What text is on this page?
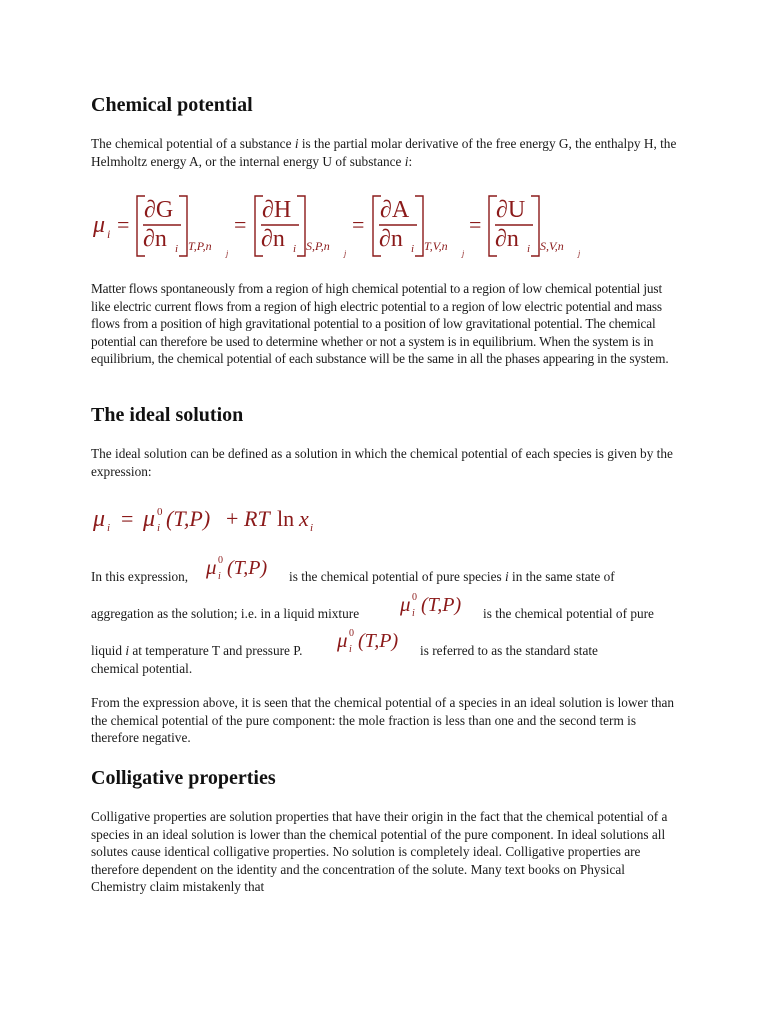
Chemical potential

The chemical potential of a substance i is the partial molar derivative of the free energy G, the enthalpy H, the Helmholtz energy A, or the internal energy U of substance i:

μ i =
∂G
∂n i T,P,n
j
=
∂H
∂n i S,P,n
j
=
∂A
∂n i T,V,n
j
=
∂U
∂n i S,V,n
j

Matter flows spontaneously from a region of high chemical potential to a region of low chemical potential just like electric current flows from a region of high electric potential to a region of low electric potential and mass flows from a position of high gravitational potential to a position of low gravitational potential. The chemical potential can therefore be used to determine whether or not a system is in equilibrium. When the system is in equilibrium, the chemical potential of each substance will be the same in all the phases appearing in the system.

The ideal solution

The ideal solution can be defined as a solution in which the chemical potential of each species is given by the expression:

μ i = μ 0
i (T,P) + RT ln x i
In this expression, μ 0
i (T,P) is the chemical potential of pure species i in the same state of
aggregation as the solution; i.e. in a liquid mixture μ 0
i (T,P) is the chemical potential of pure
liquid i at temperature T and pressure P. μ 0
i (T,P) is referred to as the standard state
chemical potential.

From the expression above, it is seen that the chemical potential of a species in an ideal solution is lower than the chemical potential of the pure component: the mole fraction is less than one and the second term is therefore negative.

Colligative properties

Colligative properties are solution properties that have their origin in the fact that the chemical potential of a species in an ideal solution is lower than the chemical potential of the pure component. In ideal solutions all solutes cause identical colligative properties. No solution is completely ideal. Colligative properties are therefore dependent on the identity and the concentration of the solute. Many text books on Physical Chemistry claim mistakenly that
